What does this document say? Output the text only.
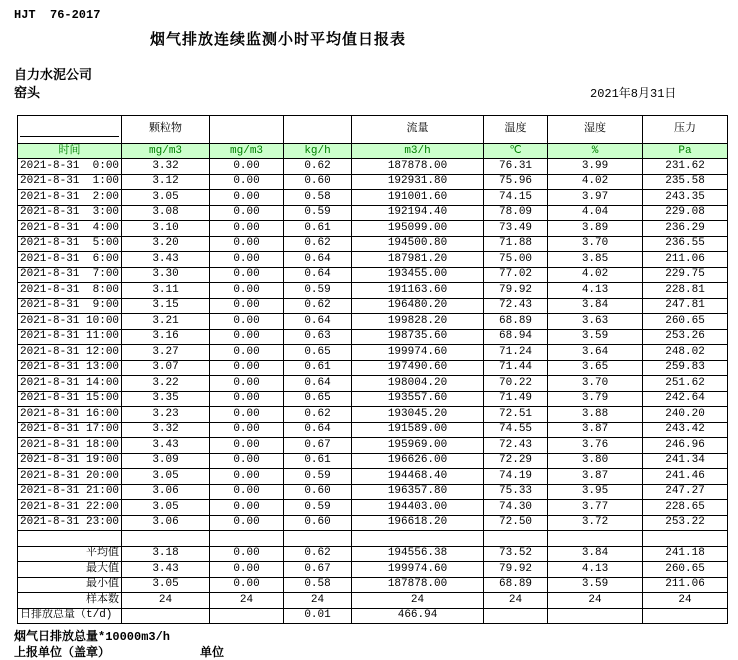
HJT  76-2017
烟气排放连续监测小时平均值日报表
自力水泥公司
窑头	2021年8月31日
	颗粒物			流量	温度	湿度	压力
时间	mg/m3	mg/m3	kg/h	m3/h	℃	%	Pa
2021-8-31  0:00	3.32	0.00	0.62	187878.00	76.31	3.99	231.62
2021-8-31  1:00	3.12	0.00	0.60	192931.80	75.96	4.02	235.58
2021-8-31  2:00	3.05	0.00	0.58	191001.60	74.15	3.97	243.35
2021-8-31  3:00	3.08	0.00	0.59	192194.40	78.09	4.04	229.08
2021-8-31  4:00	3.10	0.00	0.61	195099.00	73.49	3.89	236.29
2021-8-31  5:00	3.20	0.00	0.62	194500.80	71.88	3.70	236.55
2021-8-31  6:00	3.43	0.00	0.64	187981.20	75.00	3.85	211.06
2021-8-31  7:00	3.30	0.00	0.64	193455.00	77.02	4.02	229.75
2021-8-31  8:00	3.11	0.00	0.59	191163.60	79.92	4.13	228.81
2021-8-31  9:00	3.15	0.00	0.62	196480.20	72.43	3.84	247.81
2021-8-31 10:00	3.21	0.00	0.64	199828.20	68.89	3.63	260.65
2021-8-31 11:00	3.16	0.00	0.63	198735.60	68.94	3.59	253.26
2021-8-31 12:00	3.27	0.00	0.65	199974.60	71.24	3.64	248.02
2021-8-31 13:00	3.07	0.00	0.61	197490.60	71.44	3.65	259.83
2021-8-31 14:00	3.22	0.00	0.64	198004.20	70.22	3.70	251.62
2021-8-31 15:00	3.35	0.00	0.65	193557.60	71.49	3.79	242.64
2021-8-31 16:00	3.23	0.00	0.62	193045.20	72.51	3.88	240.20
2021-8-31 17:00	3.32	0.00	0.64	191589.00	74.55	3.87	243.42
2021-8-31 18:00	3.43	0.00	0.67	195969.00	72.43	3.76	246.96
2021-8-31 19:00	3.09	0.00	0.61	196626.00	72.29	3.80	241.34
2021-8-31 20:00	3.05	0.00	0.59	194468.40	74.19	3.87	241.46
2021-8-31 21:00	3.06	0.00	0.60	196357.80	75.33	3.95	247.27
2021-8-31 22:00	3.05	0.00	0.59	194403.00	74.30	3.77	228.65
2021-8-31 23:00	3.06	0.00	0.60	196618.20	72.50	3.72	253.22

平均值	3.18	0.00	0.62	194556.38	73.52	3.84	241.18
最大值	3.43	0.00	0.67	199974.60	79.92	4.13	260.65
最小值	3.05	0.00	0.58	187878.00	68.89	3.59	211.06
样本数	24	24	24	24	24	24	24
日排放总量（t/d)			0.01	466.94			
烟气日排放总量*10000m3/h
上报单位（盖章）	单位
